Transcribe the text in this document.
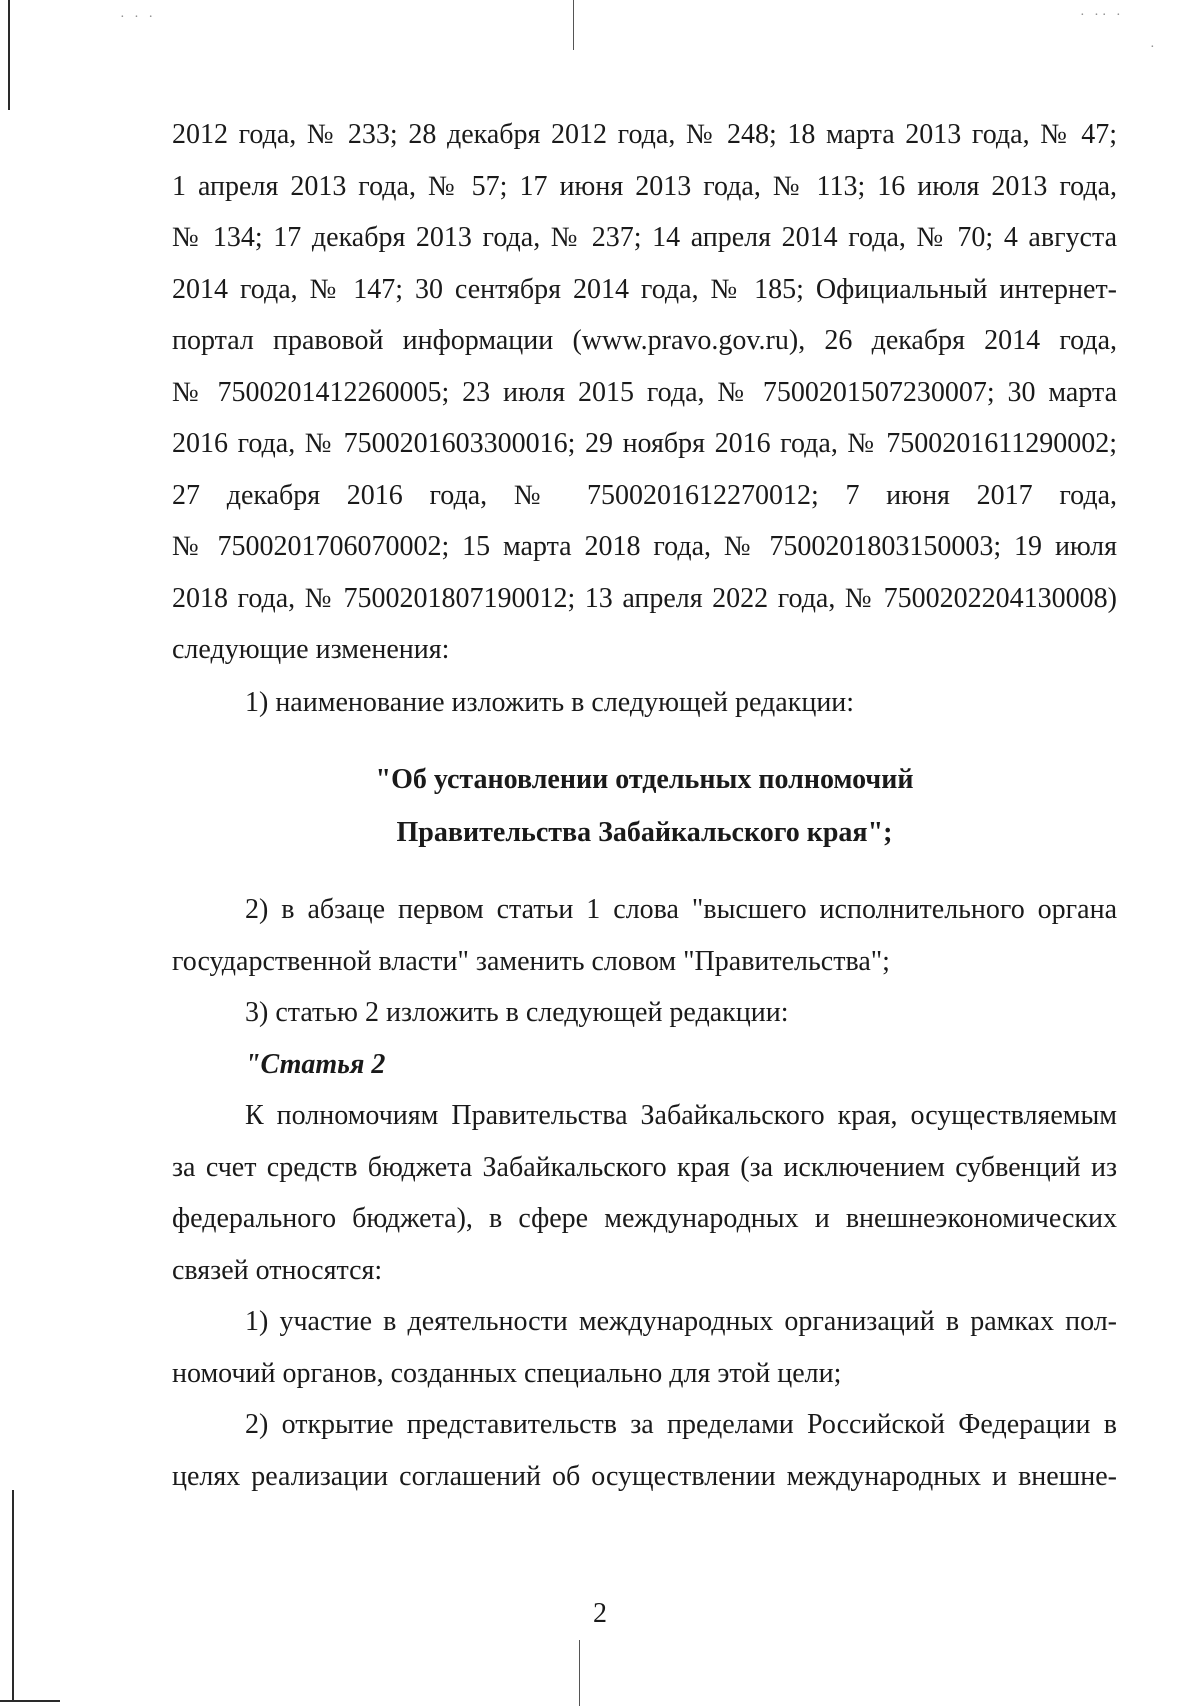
· · ·	· ·· ·
·
2012 года, № 233; 28 декабря 2012 года, № 248; 18 марта 2013 года, № 47;
1 апреля 2013 года, № 57; 17 июня 2013 года, № 113; 16 июля 2013 года,
№ 134; 17 декабря 2013 года, № 237; 14 апреля 2014 года, № 70; 4 августа
2014 года, № 147; 30 сентября 2014 года, № 185; Официальный интернет-
портал правовой информации (www.pravo.gov.ru), 26 декабря 2014 года,
№ 7500201412260005; 23 июля 2015 года, № 7500201507230007; 30 марта
2016 года, № 7500201603300016; 29 ноября 2016 года, № 7500201611290002;
27 декабря 2016 года, № 7500201612270012; 7 июня 2017 года,
№ 7500201706070002; 15 марта 2018 года, № 7500201803150003; 19 июля
2018 года, № 7500201807190012; 13 апреля 2022 года, № 7500202204130008)
следующие изменения:
1) наименование изложить в следующей редакции:
"Об установлении отдельных полномочий
Правительства Забайкальского края";
2) в абзаце первом статьи 1 слова "высшего исполнительного органа
государственной власти" заменить словом "Правительства";
3) статью 2 изложить в следующей редакции:
"Статья 2
К полномочиям Правительства Забайкальского края, осуществляемым
за счет средств бюджета Забайкальского края (за исключением субвенций из
федерального бюджета), в сфере международных и внешнеэкономических
связей относятся:
1) участие в деятельности международных организаций в рамках пол-
номочий органов, созданных специально для этой цели;
2) открытие представительств за пределами Российской Федерации в
целях реализации соглашений об осуществлении международных и внешне-
2
